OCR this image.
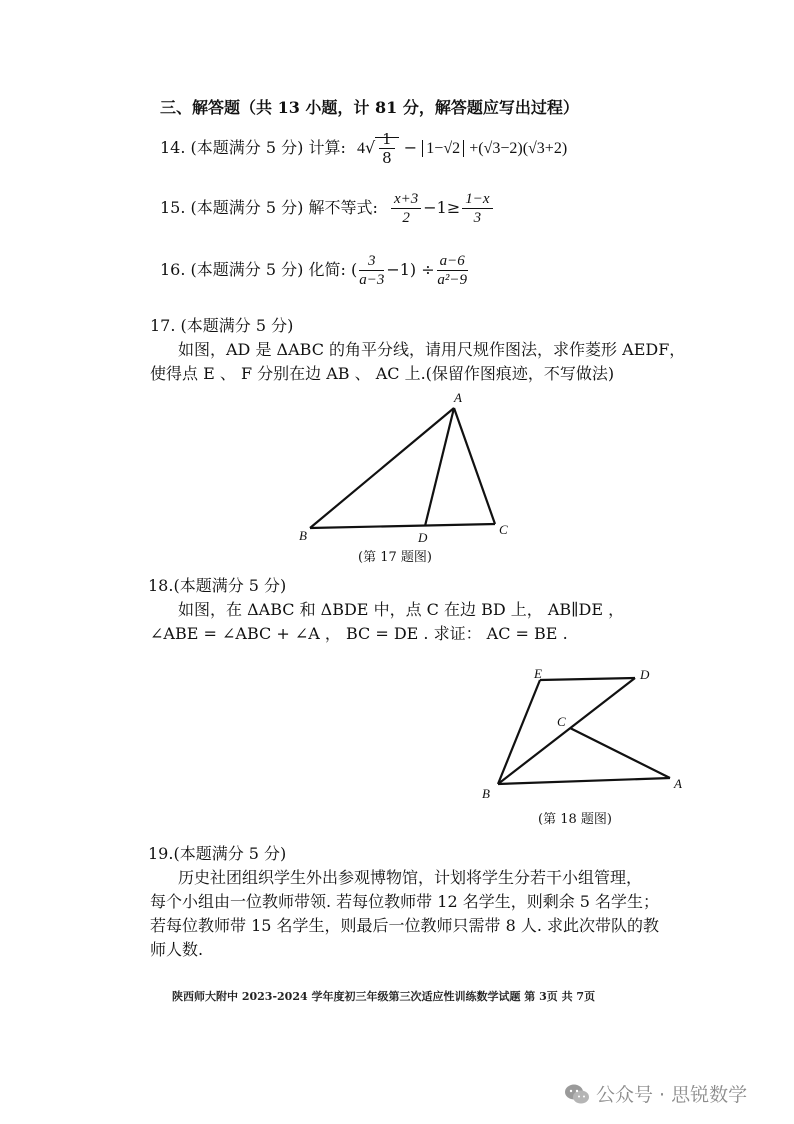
三、解答题（共 13 小题，计 81 分，解答题应写出过程）
14. (本题满分 5 分) 计算: $4√ \frac{1}{8} - 1-√2 +(√3-2)(√3+2)$
15. (本题满分 5 分) 解不等式: $\frac{x+3}{2} -1\ge \frac{1-x}{3}$
16. (本题满分 5 分) 化简: ( $\frac{3}{a-3} -1) \div \frac{a-6}{\text{a²−9}}$
17. (本题满分 5 分)
如图，AD 是 ΔABC 的角平分线，请用尺规作图法，求作菱形 AEDF，
使得点 E 、 F 分别在边 AB 、 AC 上.(保留作图痕迹，不写做法)
A
B	C
D
(第 17 题图)
18.(本题满分 5 分)
如图，在 ΔABC 和 ΔBDE 中，点 C 在边 BD 上， AB∥DE ，
∠ABE = ∠ABC + ∠A ， BC = DE . 求证： AC = BE .
E	D
C
B
A
(第 18 题图)
19.(本题满分 5 分)
历史社团组织学生外出参观博物馆，计划将学生分若干小组管理，
每个小组由一位教师带领. 若每位教师带 12 名学生，则剩余 5 名学生；
若每位教师带 15 名学生，则最后一位教师只需带 8 人. 求此次带队的教
师人数.
陕西师大附中 2023-2024 学年度初三年级第三次适应性训练数学试题 第 3页 共 7页
公众号 · 思锐数学
